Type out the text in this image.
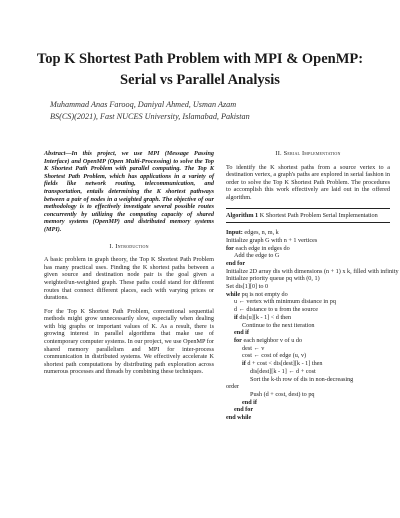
Top K Shortest Path Problem with MPI & OpenMP:
Serial vs Parallel Analysis
Muhammad Anas Farooq, Daniyal Ahmed, Usman Azam
BS(CS)(2021), Fast NUCES University, Islamabad, Pakistan
Abstract—In this project, we use MPI (Message Passing Interface) and OpenMP (Open Multi-Processing) to solve the Top K Shortest Path Problem with parallel computing. The Top K Shortest Path Problem, which has applications in a variety of fields like network routing, telecommunication, and transportation, entails determining the K shortest pathways between a pair of nodes in a weighted graph. The objective of our methodology is to effectively investigate several possible routes concurrently by utilizing the computing capacity of shared memory systems (OpenMP) and distributed memory systems (MPI).
I. Introduction
A basic problem in graph theory, the Top K Shortest Path Problem has many practical uses. Finding the K shortest paths between a given source and destination node pair is the goal given a weighted/un-weighted graph. These paths could stand for different routes that connect different places, each with varying prices or durations.
For the Top K Shortest Path Problem, conventional sequential methods might grow unnecessarily slow, especially when dealing with big graphs or important values of K. As a result, there is growing interest in parallel algorithms that make use of contemporary computer systems. In our project, we use OpenMP for shared memory parallelism and MPI for inter-process communication in distributed systems. We effectively accelerate K shortest path computations by distributing path exploration across numerous processes and threads by combining these techniques.
II. Serial Implementation
To identify the K shortest paths from a source vertex to a destination vertex, a graph's paths are explored in serial fashion in order to solve the Top K Shortest Path Problem. The procedures to accomplish this work effectively are laid out in the offered algorithm.
Algorithm 1 K Shortest Path Problem Serial Implementation
Input: edges, n, m, k
Initialize graph G with n + 1 vertices
for each edge in edges do
Add the edge to G
end for
Initialize 2D array dis with dimensions (n + 1) x k, filled with infinity
Initialize priority queue pq with (0, 1)
Set dis[1][0] to 0
while pq is not empty do
u ← vertex with minimum distance in pq
d ← distance to u from the source
if dis[u][k - 1] < d then
Continue to the next iteration
end if
for each neighbor v of u do
dest ← v
cost ← cost of edge (u, v)
if d + cost < dis[dest][k - 1] then
dis[dest][k - 1] ← d + cost
Sort the k-th row of dis in non-decreasing
order
Push (d + cost, dest) to pq
end if
end for
end while
